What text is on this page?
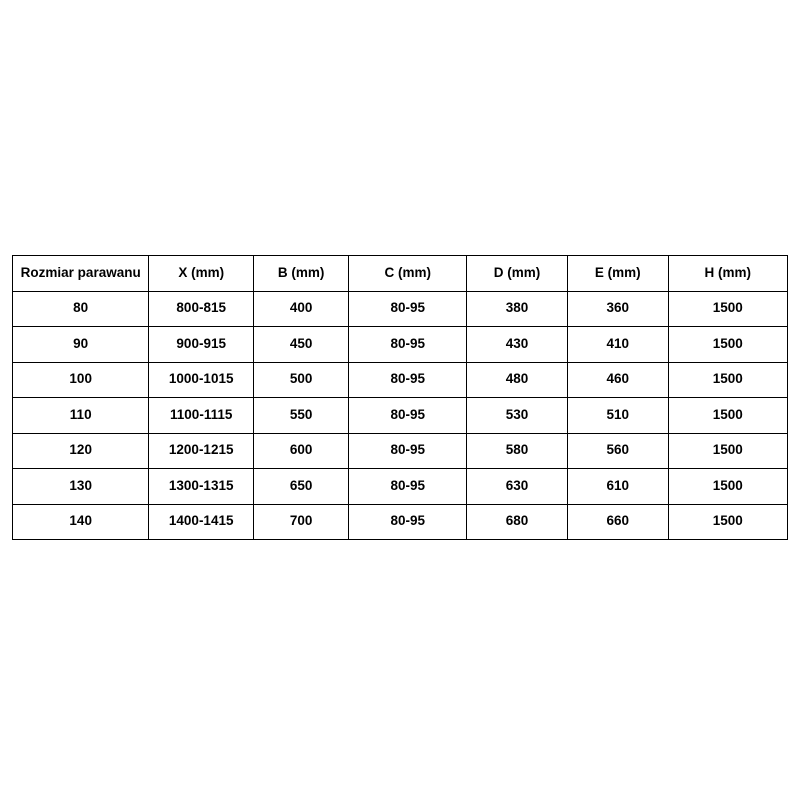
Rozmiar parawanu	X (mm)	B (mm)	C (mm)	D (mm)	E (mm)	H (mm)
80	800-815	400	80-95	380	360	1500
90	900-915	450	80-95	430	410	1500
100	1000-1015	500	80-95	480	460	1500
110	1100-1115	550	80-95	530	510	1500
120	1200-1215	600	80-95	580	560	1500
130	1300-1315	650	80-95	630	610	1500
140	1400-1415	700	80-95	680	660	1500
